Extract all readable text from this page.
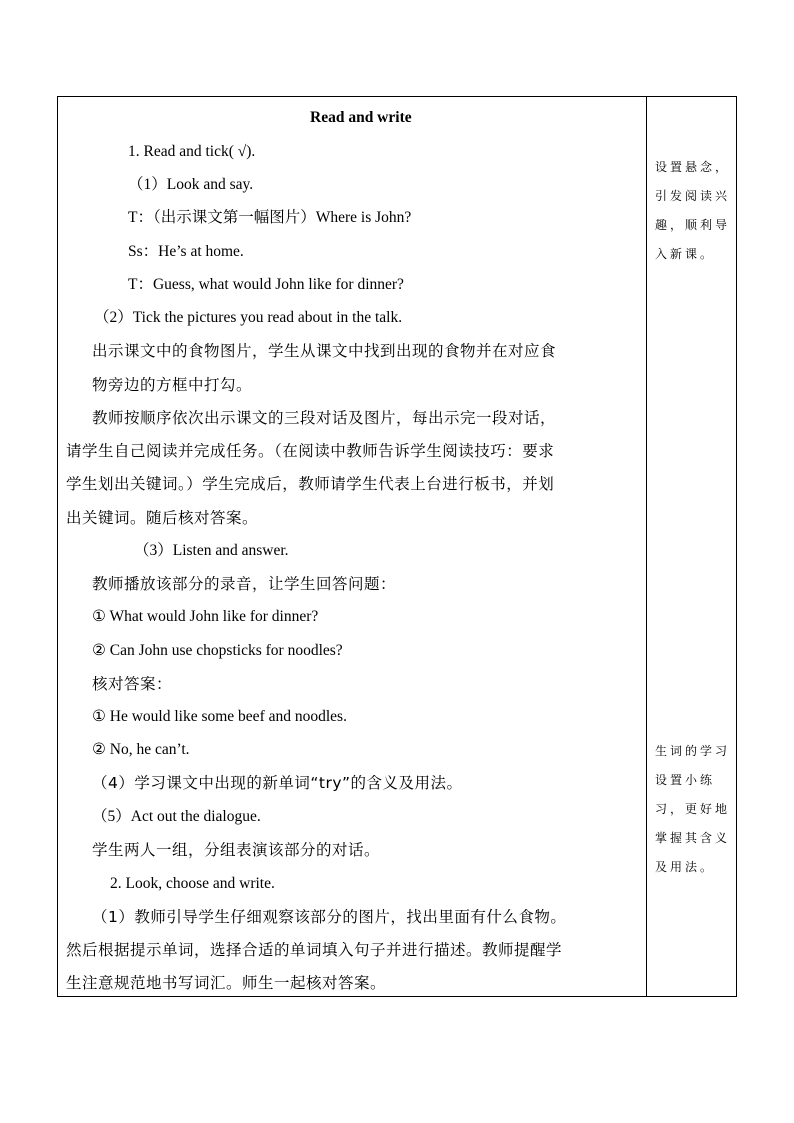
Read and write
1. Read and tick( √).
（1）Look and say.
T：（出示课文第一幅图片）Where is John?
Ss：He’s at home.
T：Guess, what would John like for dinner?
（2）Tick the pictures you read about in the talk.
出示课文中的食物图片，学生从课文中找到出现的食物并在对应食
物旁边的方框中打勾。
教师按顺序依次出示课文的三段对话及图片，每出示完一段对话，
请学生自己阅读并完成任务。（在阅读中教师告诉学生阅读技巧：要求
学生划出关键词。）学生完成后，教师请学生代表上台进行板书，并划
出关键词。随后核对答案。
（3）Listen and answer.
教师播放该部分的录音，让学生回答问题：
① What would John like for dinner?
② Can John use chopsticks for noodles?
核对答案：
① He would like some beef and noodles.
② No, he can’t.
（4）学习课文中出现的新单词“try”的含义及用法。
（5）Act out the dialogue.
学生两人一组，分组表演该部分的对话。
2. Look, choose and write.
（1）教师引导学生仔细观察该部分的图片，找出里面有什么食物。
然后根据提示单词，选择合适的单词填入句子并进行描述。教师提醒学
生注意规范地书写词汇。师生一起核对答案。
设置悬念，引发阅读兴趣，顺利导入新课。
生词的学习设置小练习，更好地掌握其含义及用法。
